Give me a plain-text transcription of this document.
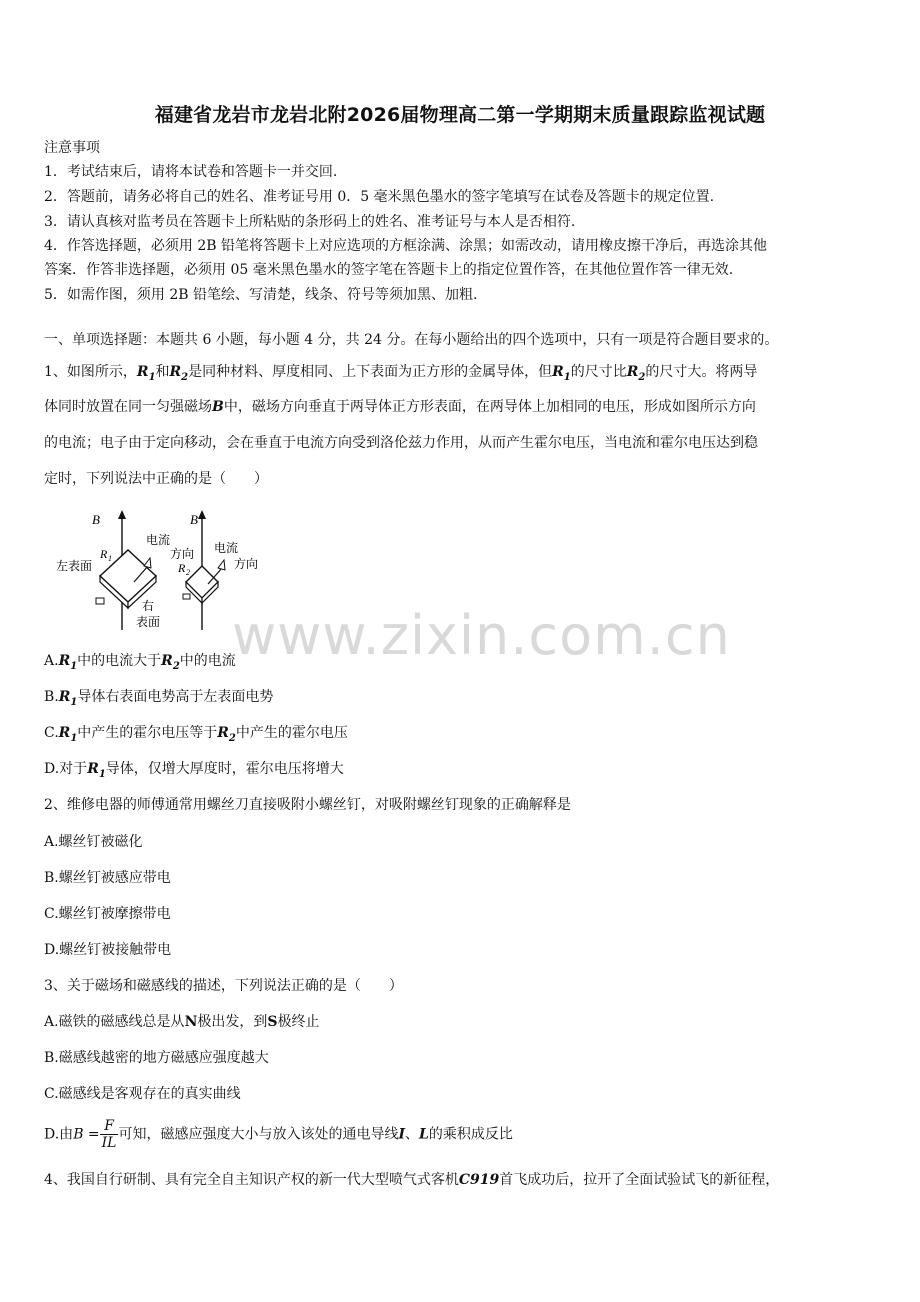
福建省龙岩市龙岩北附2026届物理高二第一学期期末质量跟踪监视试题
注意事项
1．考试结束后，请将本试卷和答题卡一并交回.
2．答题前，请务必将自己的姓名、准考证号用 0．5 毫米黑色墨水的签字笔填写在试卷及答题卡的规定位置.
3．请认真核对监考员在答题卡上所粘贴的条形码上的姓名、准考证号与本人是否相符.
4．作答选择题，必须用 2B 铅笔将答题卡上对应选项的方框涂满、涂黑；如需改动，请用橡皮擦干净后，再选涂其他
答案．作答非选择题，必须用 05 毫米黑色墨水的签字笔在答题卡上的指定位置作答，在其他位置作答一律无效.
5．如需作图，须用 2B 铅笔绘、写清楚，线条、符号等须加黑、加粗.
一、单项选择题：本题共 6 小题，每小题 4 分，共 24 分。在每小题给出的四个选项中，只有一项是符合题目要求的。
1、如图所示，$R_1$和$R_2$是同种材料、厚度相同、上下表面为正方形的金属导体，但$R_1$的尺寸比$R_2$的尺寸大。将两导
体同时放置在同一匀强磁场B中，磁场方向垂直于两导体正方形表面，在两导体上加相同的电压，形成如图所示方向
的电流；电子由于定向移动，会在垂直于电流方向受到洛伦兹力作用，从而产生霍尔电压，当电流和霍尔电压达到稳
定时，下列说法中正确的是（　　）
B	B
R 1
R 2
电流
方向 电流
方向
左表面
右
表面 www.zixin.com.cn
$A.R_1$中的电流大于$R_2$中的电流
$B.R_1$导体右表面电势高于左表面电势
$C.R_1$中产生的霍尔电压等于$R_2$中产生的霍尔电压
D.对于$R_1$导体，仅增大厚度时，霍尔电压将增大
2、维修电器的师傅通常用螺丝刀直接吸附小螺丝钉，对吸附螺丝钉现象的正确解释是
A.螺丝钉被磁化
B.螺丝钉被感应带电
C.螺丝钉被摩擦带电
D.螺丝钉被接触带电
3、关于磁场和磁感线的描述，下列说法正确的是（　　）
A.磁铁的磁感线总是从N极出发，到S极终止
B.磁感线越密的地方磁感应强度越大
C.磁感线是客观存在的真实曲线
D.由$B = \frac{F}{IL}$ 可知，磁感应强度大小与放入该处的通电导线I、L的乘积成反比
4、我国自行研制、具有完全自主知识产权的新一代大型喷气式客机C919首飞成功后，拉开了全面试验试飞的新征程，
